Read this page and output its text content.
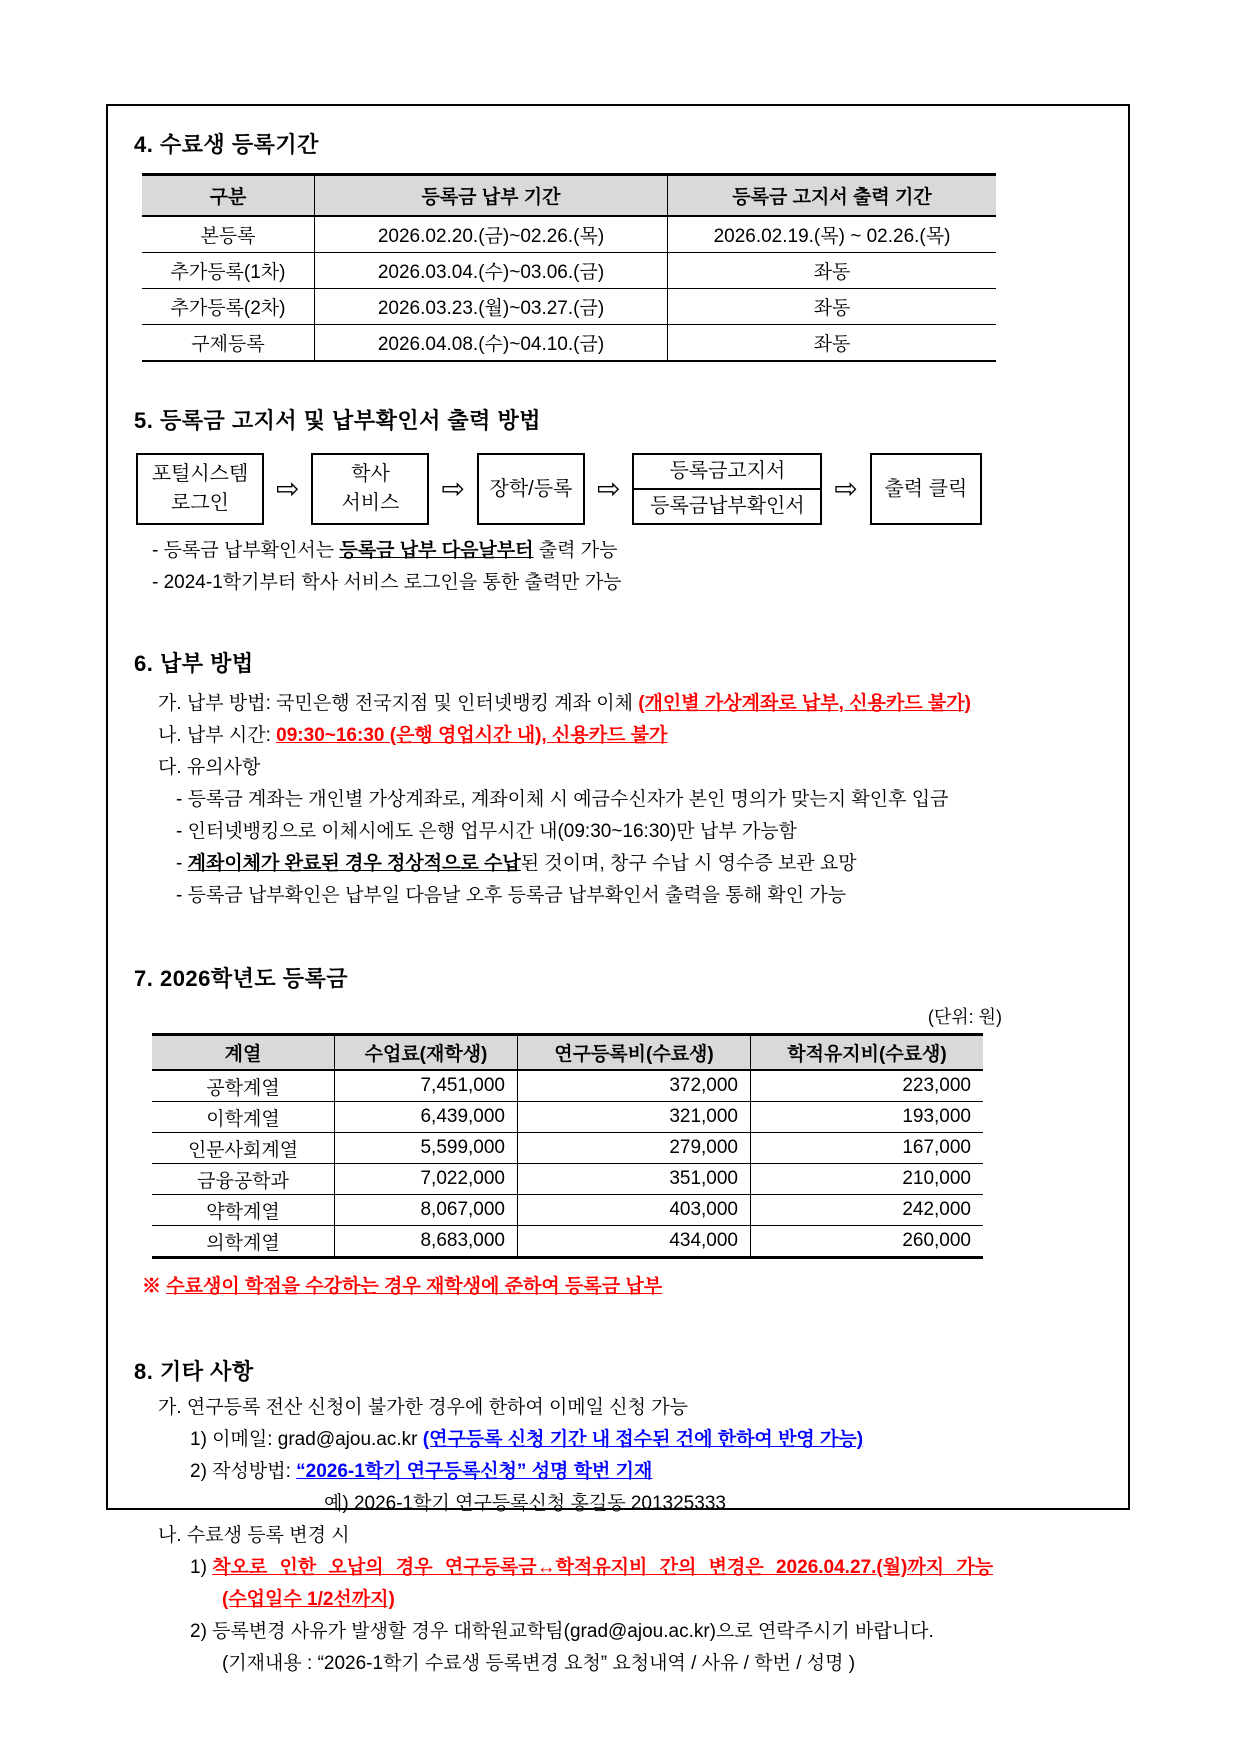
4. 수료생 등록기간
구분	등록금 납부 기간	등록금 고지서 출력 기간
본등록	2026.02.20.(금)~02.26.(목)	2026.02.19.(목) ~ 02.26.(목)
추가등록(1차)	2026.03.04.(수)~03.06.(금)	좌동
추가등록(2차)	2026.03.23.(월)~03.27.(금)	좌동
구제등록	2026.04.08.(수)~04.10.(금)	좌동
5. 등록금 고지서 및 납부확인서 출력 방법
포털시스템
로그인 ⇨	학사
서비스 ⇨ 장학/등록 ⇨
등록금고지서
등록금납부확인서
⇨ 출력 클릭
- 등록금 납부확인서는 등록금 납부 다음날부터 출력 가능
- 2024-1학기부터 학사 서비스 로그인을 통한 출력만 가능
6. 납부 방법
가. 납부 방법: 국민은행 전국지점 및 인터넷뱅킹 계좌 이체 (개인별 가상계좌로 납부, 신용카드 불가)
나. 납부 시간: 09:30~16:30 (은행 영업시간 내), 신용카드 불가
다. 유의사항
- 등록금 계좌는 개인별 가상계좌로, 계좌이체 시 예금수신자가 본인 명의가 맞는지 확인후 입금
- 인터넷뱅킹으로 이체시에도 은행 업무시간 내(09:30~16:30)만 납부 가능함
- 계좌이체가 완료된 경우 정상적으로 수납된 것이며, 창구 수납 시 영수증 보관 요망
- 등록금 납부확인은 납부일 다음날 오후 등록금 납부확인서 출력을 통해 확인 가능
7. 2026학년도 등록금
(단위: 원)
계열	수업료(재학생)	연구등록비(수료생)	학적유지비(수료생)
공학계열	7,451,000	372,000	223,000
이학계열	6,439,000	321,000	193,000
인문사회계열	5,599,000	279,000	167,000
금융공학과	7,022,000	351,000	210,000
약학계열	8,067,000	403,000	242,000
의학계열	8,683,000	434,000	260,000
※ 수료생이 학점을 수강하는 경우 재학생에 준하여 등록금 납부
8. 기타 사항
가. 연구등록 전산 신청이 불가한 경우에 한하여 이메일 신청 가능
1) 이메일: grad@ajou.ac.kr (연구등록 신청 기간 내 접수된 건에 한하여 반영 가능)
2) 작성방법: “2026-1학기 연구등록신청” 성명 학번 기재
예) 2026-1학기 연구등록신청 홍길동 201325333
나. 수료생 등록 변경 시
1) 착오로 인한 오납의 경우 연구등록금↔학적유지비 간의 변경은 2026.04.27.(월)까지 가능
(수업일수 1/2선까지)
2) 등록변경 사유가 발생할 경우 대학원교학팀(grad@ajou.ac.kr)으로 연락주시기 바랍니다.
(기재내용 : “2026-1학기 수료생 등록변경 요청” 요청내역 / 사유 / 학번 / 성명 )
